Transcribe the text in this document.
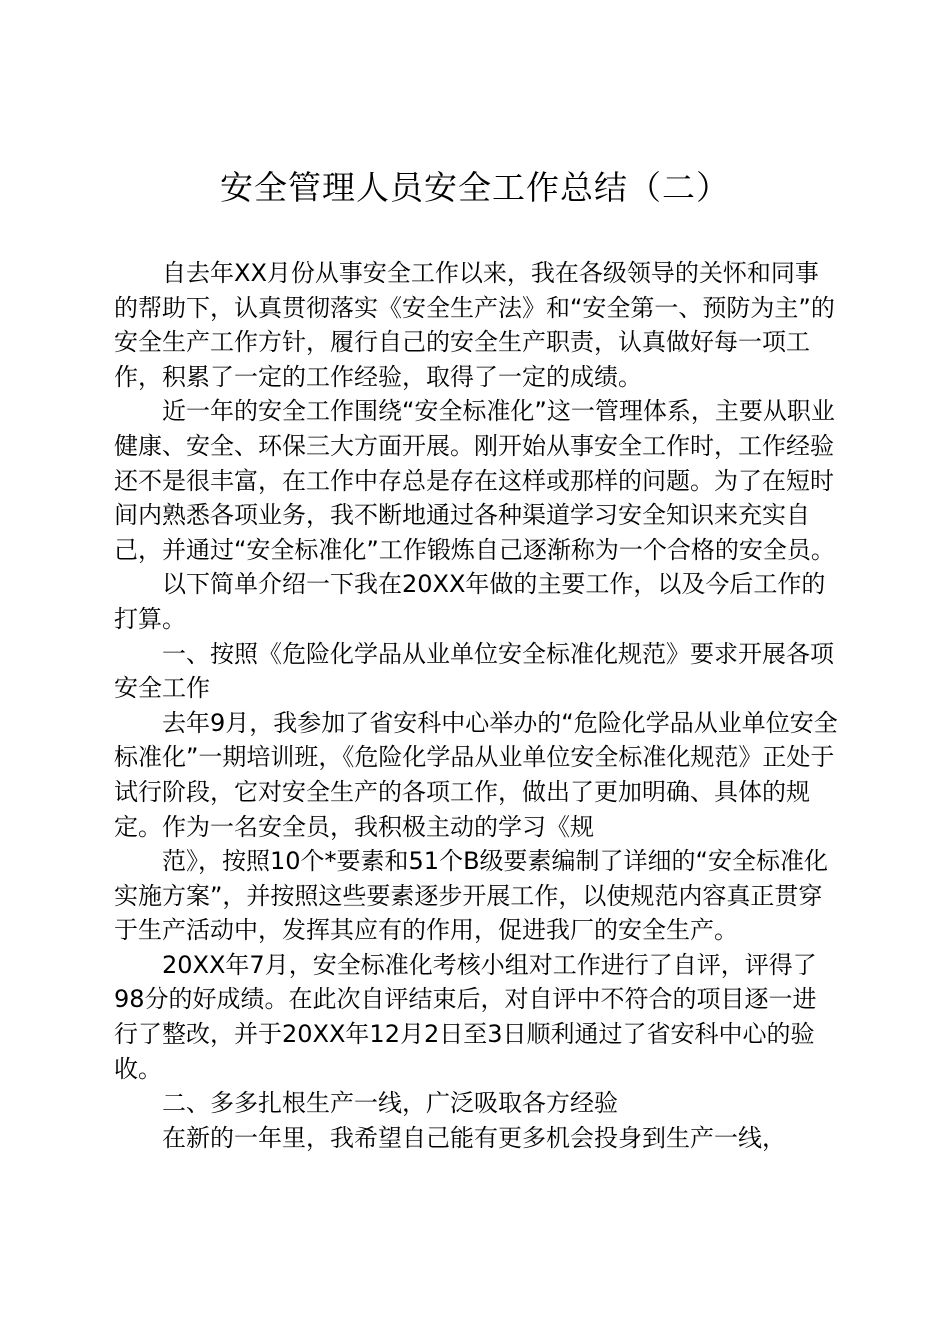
安全管理人员安全工作总结（二）

自去年XX月份从事安全工作以来，我在各级领导的关怀和同事的帮助下，认真贯彻落实《安全生产法》和“安全第一、预防为主”的安全生产工作方针，履行自己的安全生产职责，认真做好每一项工作，积累了一定的工作经验，取得了一定的成绩。

近一年的安全工作围绕“安全标准化”这一管理体系，主要从职业健康、安全、环保三大方面开展。刚开始从事安全工作时，工作经验还不是很丰富，在工作中存总是存在这样或那样的问题。为了在短时间内熟悉各项业务，我不断地通过各种渠道学习安全知识来充实自己，并通过“安全标准化”工作锻炼自己逐渐称为一个合格的安全员。

以下简单介绍一下我在20XX年做的主要工作，以及今后工作的打算。

一、按照《危险化学品从业单位安全标准化规范》要求开展各项安全工作

去年9月，我参加了省安科中心举办的“危险化学品从业单位安全标准化”一期培训班，《危险化学品从业单位安全标准化规范》正处于试行阶段，它对安全生产的各项工作，做出了更加明确、具体的规定。作为一名安全员，我积极主动的学习《规

范》，按照10个*要素和51个B级要素编制了详细的“安全标准化实施方案”，并按照这些要素逐步开展工作，以使规范内容真正贯穿于生产活动中，发挥其应有的作用，促进我厂的安全生产。

20XX年7月，安全标准化考核小组对工作进行了自评，评得了98分的好成绩。在此次自评结束后，对自评中不符合的项目逐一进行了整改，并于20XX年12月2日至3日顺利通过了省安科中心的验收。

二、多多扎根生产一线，广泛吸取各方经验

在新的一年里，我希望自己能有更多机会投身到生产一线，
